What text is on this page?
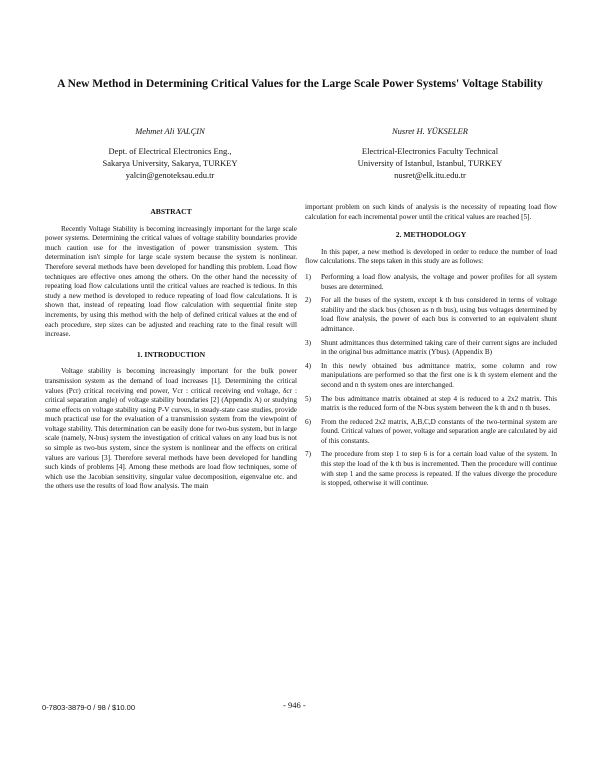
A New Method in Determining Critical Values for the Large Scale Power Systems' Voltage Stability
Mehmet Ali YALÇIN
Dept. of Electrical Electronics Eng.,
Sakarya University, Sakarya, TURKEY
yalcin@genoteksau.edu.tr
Nusret H. YÜKSELER
Electrical-Electronics Faculty Technical
University of Istanbul, Istanbul, TURKEY
nusret@elk.itu.edu.tr
ABSTRACT

Recently Voltage Stability is becoming increasingly important for the large scale power systems. Determining the critical values of voltage stability boundaries provide much caution use for the investigation of power transmission system. This determination isn't simple for large scale system because the system is nonlinear. Therefore several methods have been developed for handling this problem. Load flow techniques are effective ones among the others. On the other hand the necessity of repeating load flow calculations until the critical values are reached is tedious. In this study a new method is developed to reduce repeating of load flow calculations. It is shown that, instead of repeating load flow calculation with sequential finite step increments, by using this method with the help of defined critical values at the end of each procedure, step sizes can be adjusted and reaching rate to the final result will increase.

1. INTRODUCTION

Voltage stability is becoming increasingly important for the bulk power transmission system as the demand of load increases [1]. Determining the critical values (Pcr) critical receiving end power, Vcr : critical receiving end voltage, δcr : critical separation angle) of voltage stability boundaries [2] (Appendix A) or studying some effects on voltage stability using P-V curves, in steady-state case studies, provide much practical use for the evaluation of a transmission system from the viewpoint of voltage stability. This determination can be easily done for two-bus system, but in large scale (namely, N-bus) system the investigation of critical values on any load bus is not so simple as two-bus system, since the system is nonlinear and the effects on critical values are various [3]. Therefore several methods have been developed for handling such kinds of problems [4]. Among these methods are load flow techniques, some of which use the Jacobian sensitivity, singular value decomposition, eigenvalue etc. and the others use the results of load flow analysis. The main

important problem on such kinds of analysis is the necessity of repeating load flow calculation for each incremental power until the critical values are reached [5].

2. METHODOLOGY

In this paper, a new method is developed in order to reduce the number of load flow calculations. The steps taken in this study are as follows:

1)	Performing a load flow analysis, the voltage and power profiles for all system buses are determined.
2)	For all the buses of the system, except k th bus considered in terms of voltage stability and the slack bus (chosen as n th bus), using bus voltages determined by load flow analysis, the power of each bus is converted to an equivalent shunt admittance.
3)	Shunt admittances thus determined taking care of their current signs are included in the original bus admittance matrix (Ybus). (Appendix B)
4)	In this newly obtained bus admittance matrix, some column and row manipulations are performed so that the first one is k th system element and the second and n th system ones are interchanged.
5)	The bus admittance matrix obtained at step 4 is reduced to a 2x2 matrix. This matrix is the reduced form of the N-bus system between the k th and n th buses.
6)	From the reduced 2x2 matrix, A,B,C,D constants of the two-terminal system are found. Critical values of power, voltage and separation angle are calculated by aid of this constants.
7)	The procedure from step 1 to step 6 is for a certain load value of the system. In this step the load of the k th bus is incremented. Then the procedure will continue with step 1 and the same process is repeated. If the values diverge the procedure is stopped, otherwise it will continue.
0-7803-3879-0 / 98 / $10.00	- 946 -
